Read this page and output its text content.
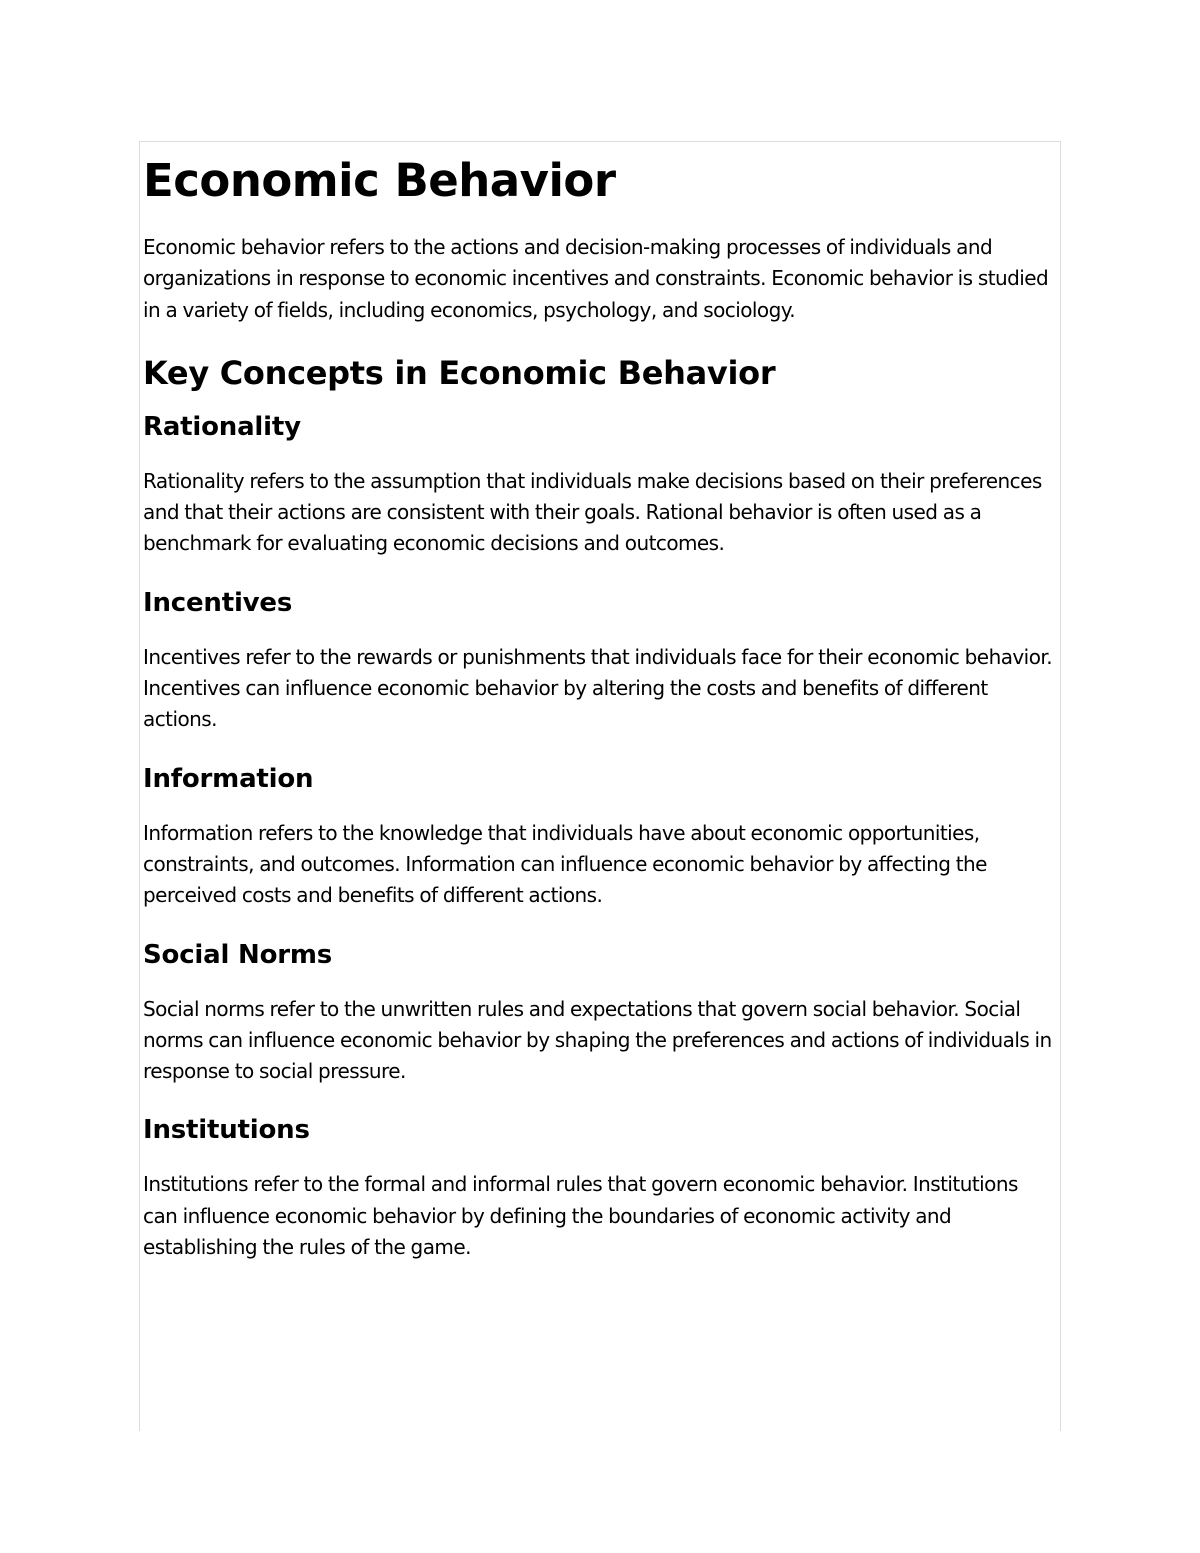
Economic Behavior

Economic behavior refers to the actions and decision-making processes of individuals and organizations in response to economic incentives and constraints. Economic behavior is studied in a variety of fields, including economics, psychology, and sociology.

Key Concepts in Economic Behavior
Rationality

Rationality refers to the assumption that individuals make decisions based on their preferences and that their actions are consistent with their goals. Rational behavior is often used as a benchmark for evaluating economic decisions and outcomes.

Incentives

Incentives refer to the rewards or punishments that individuals face for their economic behavior. Incentives can influence economic behavior by altering the costs and benefits of different actions.

Information

Information refers to the knowledge that individuals have about economic opportunities, constraints, and outcomes. Information can influence economic behavior by affecting the perceived costs and benefits of different actions.

Social Norms

Social norms refer to the unwritten rules and expectations that govern social behavior. Social norms can influence economic behavior by shaping the preferences and actions of individuals in response to social pressure.

Institutions

Institutions refer to the formal and informal rules that govern economic behavior. Institutions can influence economic behavior by defining the boundaries of economic activity and establishing the rules of the game.
